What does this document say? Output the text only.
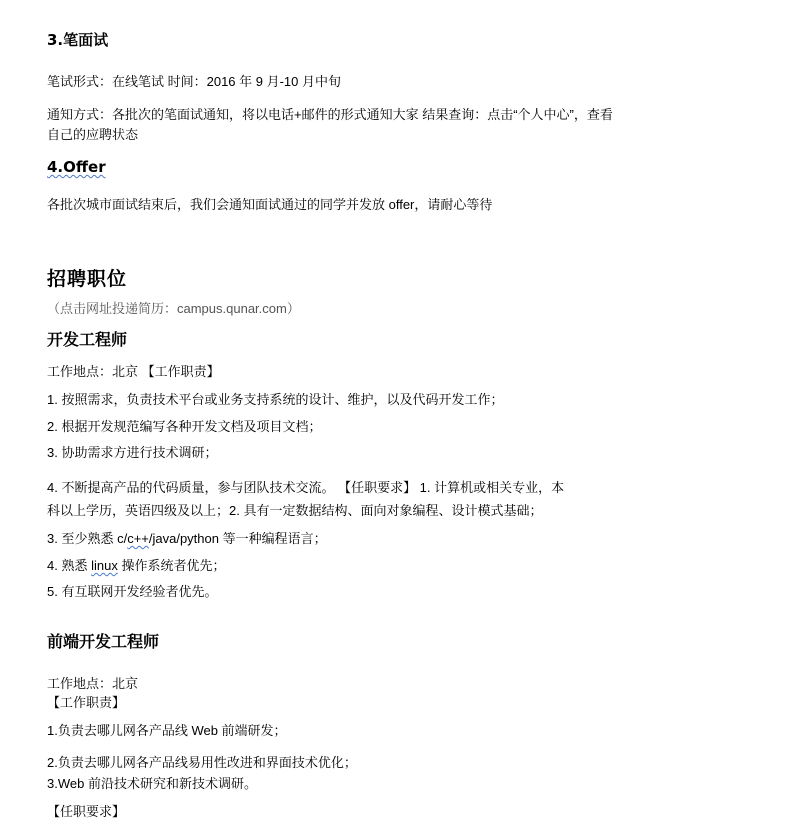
3.笔面试
笔试形式：在线笔试 时间：2016 年 9 月-10 月中旬
通知方式：各批次的笔面试通知，将以电话+邮件的形式通知大家 结果查询：点击“个人中心”，查看
自己的应聘状态
4.Offer
各批次城市面试结束后，我们会通知面试通过的同学并发放 offer，请耐心等待
招聘职位
（点击网址投递简历：campus.qunar.com）
开发工程师
工作地点：北京 【工作职责】
1. 按照需求，负责技术平台或业务支持系统的设计、维护，以及代码开发工作；
2. 根据开发规范编写各种开发文档及项目文档；
3. 协助需求方进行技术调研；
4. 不断提高产品的代码质量，参与团队技术交流。 【任职要求】 1. 计算机或相关专业，本
科以上学历，英语四级及以上；2. 具有一定数据结构、面向对象编程、设计模式基础；
3. 至少熟悉 c/c++/java/python 等一种编程语言；
4. 熟悉 linux 操作系统者优先；
5. 有互联网开发经验者优先。
前端开发工程师
工作地点：北京
【工作职责】
1.负责去哪儿网各产品线 Web 前端研发；
2.负责去哪儿网各产品线易用性改进和界面技术优化；
3.Web 前沿技术研究和新技术调研。
【任职要求】
